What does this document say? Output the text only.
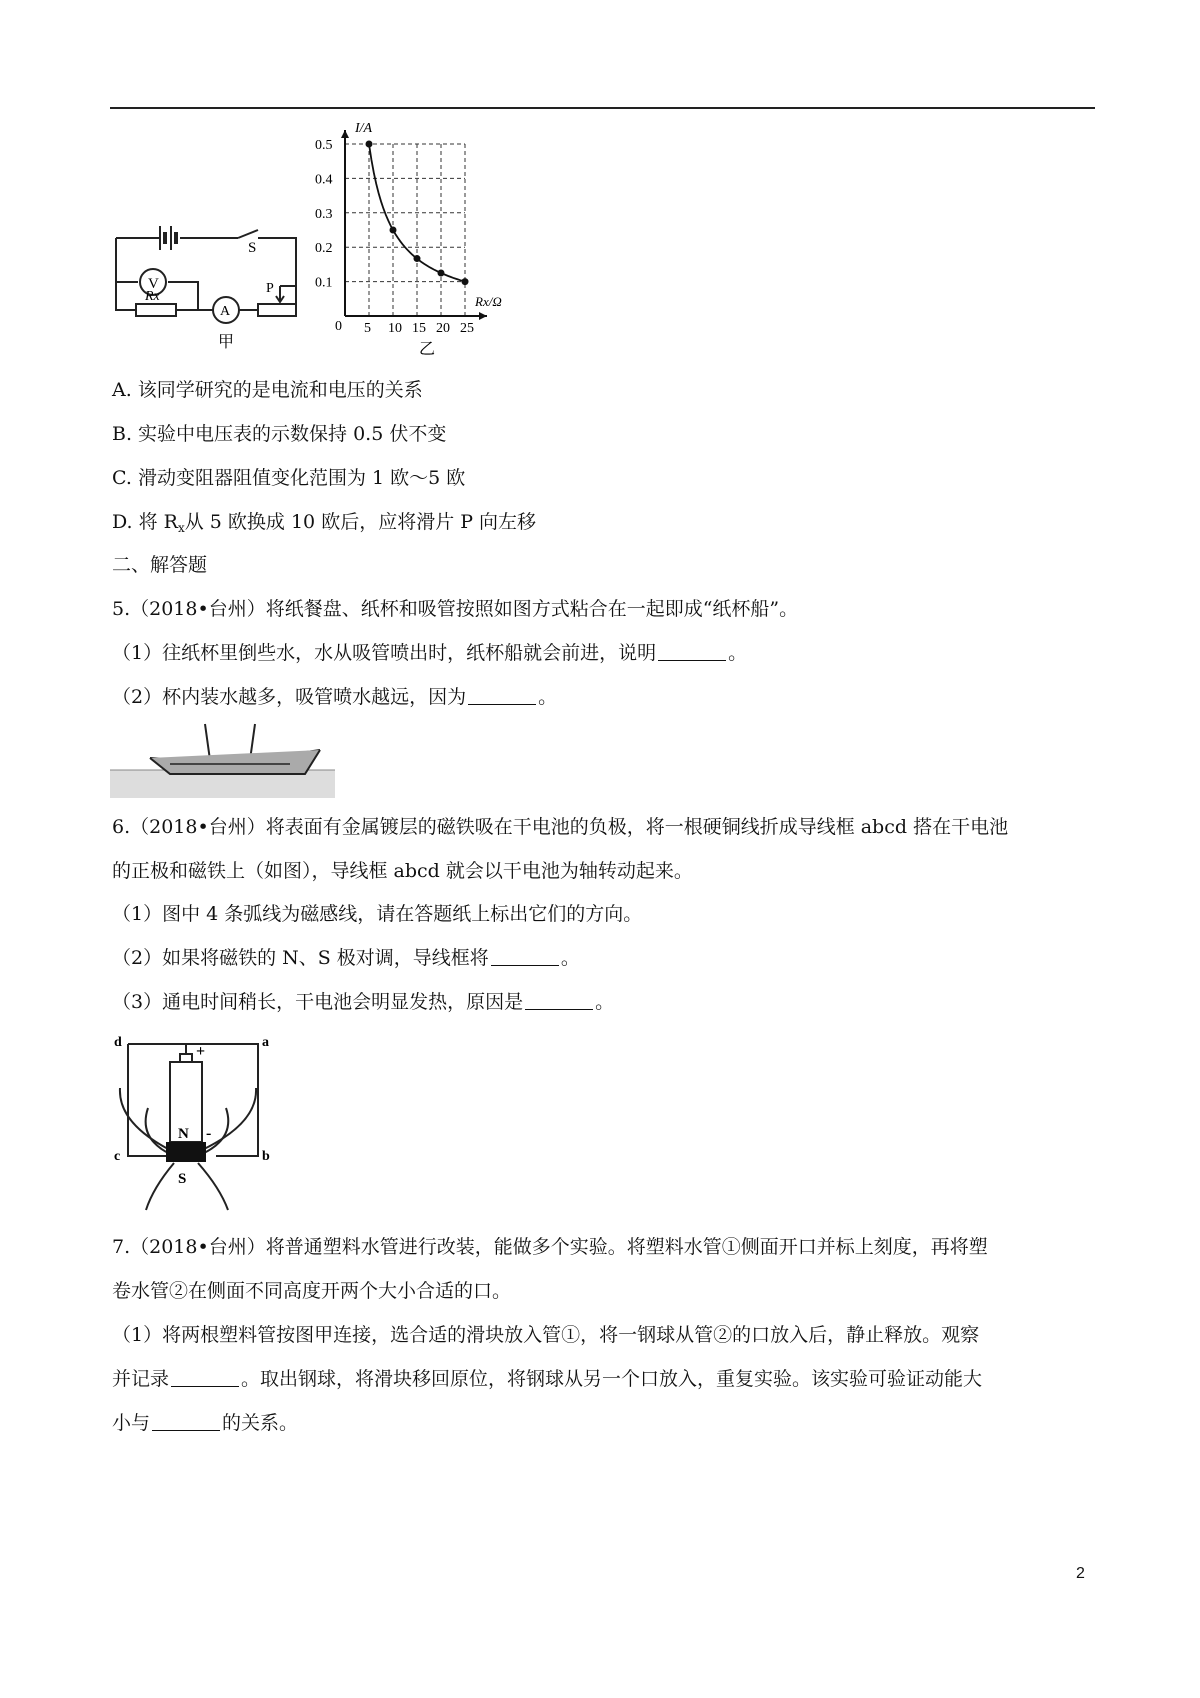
S
V
Rx
A
P
甲
5 10 15 20 25
0.1
0.2
0.3
0.4
0.5
I/A
Rx/Ω
0
乙
A. 该同学研究的是电流和电压的关系
B. 实验中电压表的示数保持 0.5 伏不变
C. 滑动变阻器阻值变化范围为 1 欧～5 欧
D. 将 $R_x$从 5 欧换成 10 欧后，应将滑片 P 向左移
二、解答题
5.（2018•台州）将纸餐盘、纸杯和吸管按照如图方式粘合在一起即成“纸杯船”。
（1）往纸杯里倒些水，水从吸管喷出时，纸杯船就会前进，说明	。
（2）杯内装水越多，吸管喷水越远，因为	。
6.（2018•台州）将表面有金属镀层的磁铁吸在干电池的负极，将一根硬铜线折成导线框 abcd 搭在干电池
的正极和磁铁上（如图），导线框 abcd 就会以干电池为轴转动起来。
（1）图中 4 条弧线为磁感线，请在答题纸上标出它们的方向。
（2）如果将磁铁的 N、S 极对调，导线框将	。
（3）通电时间稍长，干电池会明显发热，原因是	。
N
S
+
-
d	a
c	b
7.（2018•台州）将普通塑料水管进行改装，能做多个实验。将塑料水管①侧面开口并标上刻度，再将塑
卷水管②在侧面不同高度开两个大小合适的口。
（1）将两根塑料管按图甲连接，选合适的滑块放入管①，将一钢球从管②的口放入后，静止释放。观察
并记录	。取出钢球，将滑块移回原位，将钢球从另一个口放入，重复实验。该实验可验证动能大
小与	的关系。
2
